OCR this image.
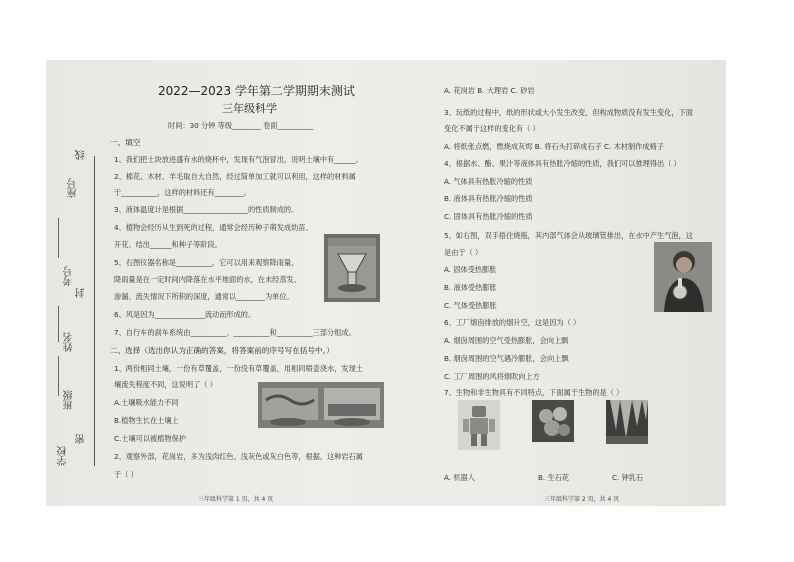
座号
线
考号
封
姓名
班级
密
学校
2022—2023 学年第二学期期末测试
三年级科学
时间：30 分钟 等级________ 卷面__________
一、填空
1、我们把土块放进盛有水的烧杯中，发现有气泡冒出，说明土壤中有______。
2、棉花、木材、羊毛取自大自然，经过简单加工就可以利用，这样的材料属
于__________，这样的材料还有________。
3、液体温度计是根据__________________的性质制成的。
4、植物会经历从生到死的过程，通常会经历种子萌发成幼苗、
开花、结出______和种子等阶段。
5、右图仪器名称是__________，它可以用来观察降雨量，
降雨量是在一定时间内降落在水平地面的水，在未经蒸发、
渗漏、流失情况下所积的深度，通常以________为单位。
6、风是因为______________流动而形成的。
7、自行车的刹车系统由__________、__________和__________三部分组成。
二、选择（选出你认为正确的答案，将答案前的序号写在括号中。）
1、两份相同土壤，一份有草覆盖，一份没有草覆盖，用相同喷壶浇水，发现土
壤流失程度不同，这说明了（ ）
A.土壤吸水能力不同
B.植物生长在土壤上
C.土壤可以被植物保护
2、观察外部，花岗岩，多为浅肉红色、浅灰色或灰白色等，根据，这种岩石属
于（ ）
三年级科学第 1 页，共 4 页
A. 花岗岩 B. 大理岩 C. 砂岩
3、玩纸的过程中，纸的形状或大小发生改变，但构成物质没有发生变化，下面
变化不属于这样的变化有（ ）
A. 将纸张点燃，燃烧成灰烬 B. 将石头打碎成石子 C. 木材制作成椅子
4、根据水、酯、果汁等液体具有热胀冷缩的性质，我们可以推理得出（ ）
A. 气体具有热胀冷缩的性质
B. 液体具有热胀冷缩的性质
C. 固体具有热胀冷缩的性质
5、如右图，双手捂住烧瓶，其内部气体会从玻璃管排出，在水中产生气泡，这
是由于（ ）
A. 固体受热膨胀
B. 液体受热膨胀
C. 气体受热膨胀
6、工厂烟囱排放的烟升空，这是因为（ ）
A. 烟囱周围的空气受热膨胀，会向上飘
B. 烟囱周围的空气遇冷膨胀，会向上飘
C. 工厂周围的风将烟吹向上方
7、生物和非生物具有不同特点，下面属于生物的是（ ）
A. 机器人	B. 生石花	C. 钟乳石
三年级科学第 2 页，共 4 页
